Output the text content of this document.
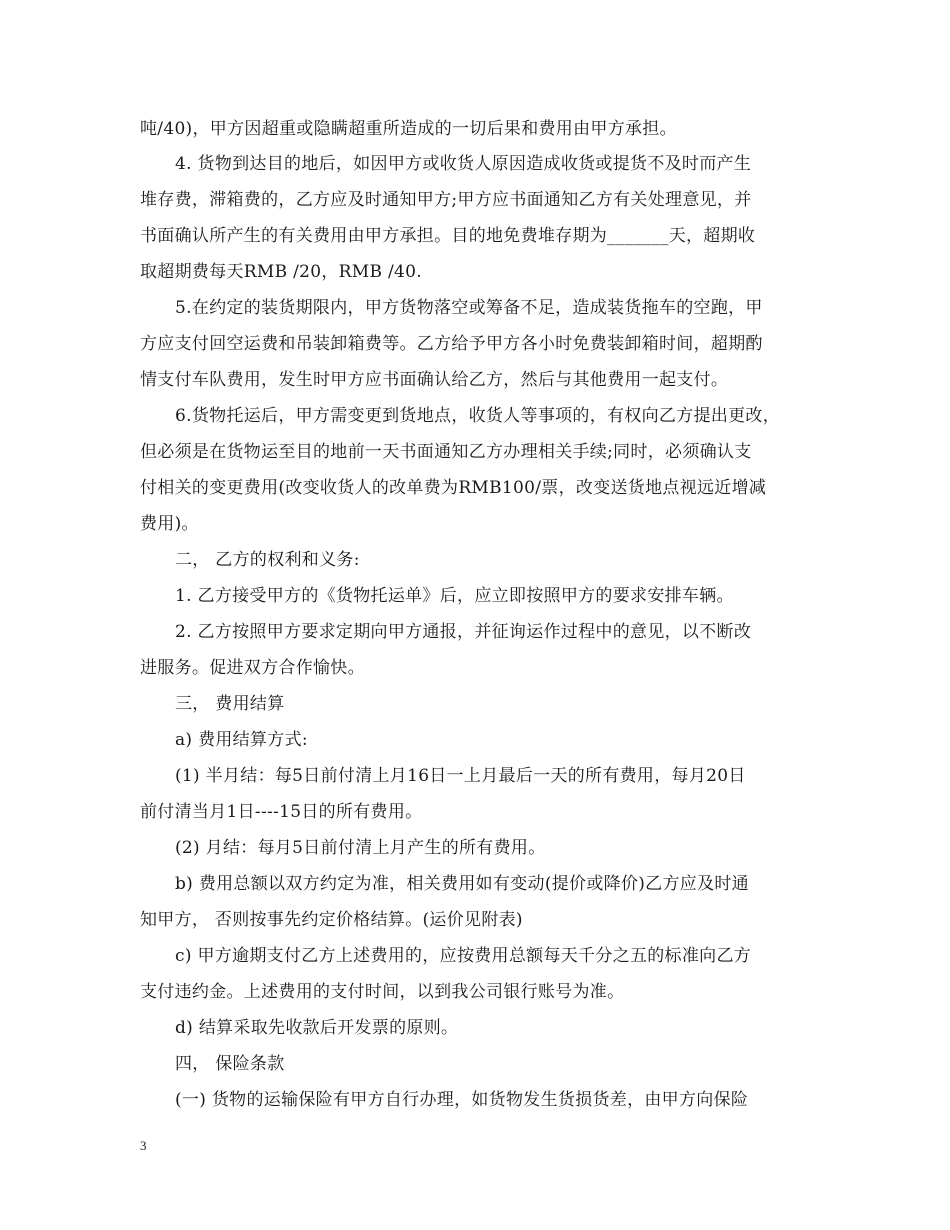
吨/40)，甲方因超重或隐瞒超重所造成的一切后果和费用由甲方承担。
4. 货物到达目的地后，如因甲方或收货人原因造成收货或提货不及时而产生
堆存费，滞箱费的，乙方应及时通知甲方;甲方应书面通知乙方有关处理意见，并
书面确认所产生的有关费用由甲方承担。目的地免费堆存期为_______天，超期收
取超期费每天RMB /20，RMB /40.
5.在约定的装货期限内，甲方货物落空或筹备不足，造成装货拖车的空跑，甲
方应支付回空运费和吊装卸箱费等。乙方给予甲方各小时免费装卸箱时间，超期酌
情支付车队费用，发生时甲方应书面确认给乙方，然后与其他费用一起支付。
6.货物托运后，甲方需变更到货地点，收货人等事项的，有权向乙方提出更改，
但必须是在货物运至目的地前一天书面通知乙方办理相关手续;同时，必须确认支
付相关的变更费用(改变收货人的改单费为RMB100/票，改变送货地点视远近增减
费用)。
二， 乙方的权利和义务:
1. 乙方接受甲方的《货物托运单》后，应立即按照甲方的要求安排车辆。
2. 乙方按照甲方要求定期向甲方通报，并征询运作过程中的意见，以不断改
进服务。促进双方合作愉快。
三， 费用结算
a) 费用结算方式:
(1) 半月结：每5日前付清上月16日一上月最后一天的所有费用，每月20日
前付清当月1日----15日的所有费用。
(2) 月结：每月5日前付清上月产生的所有费用。
b) 费用总额以双方约定为准，相关费用如有变动(提价或降价)乙方应及时通
知甲方， 否则按事先约定价格结算。(运价见附表)
c) 甲方逾期支付乙方上述费用的，应按费用总额每天千分之五的标准向乙方
支付违约金。上述费用的支付时间，以到我公司银行账号为准。
d) 结算采取先收款后开发票的原则。
四， 保险条款
(一) 货物的运输保险有甲方自行办理，如货物发生货损货差，由甲方向保险
3
